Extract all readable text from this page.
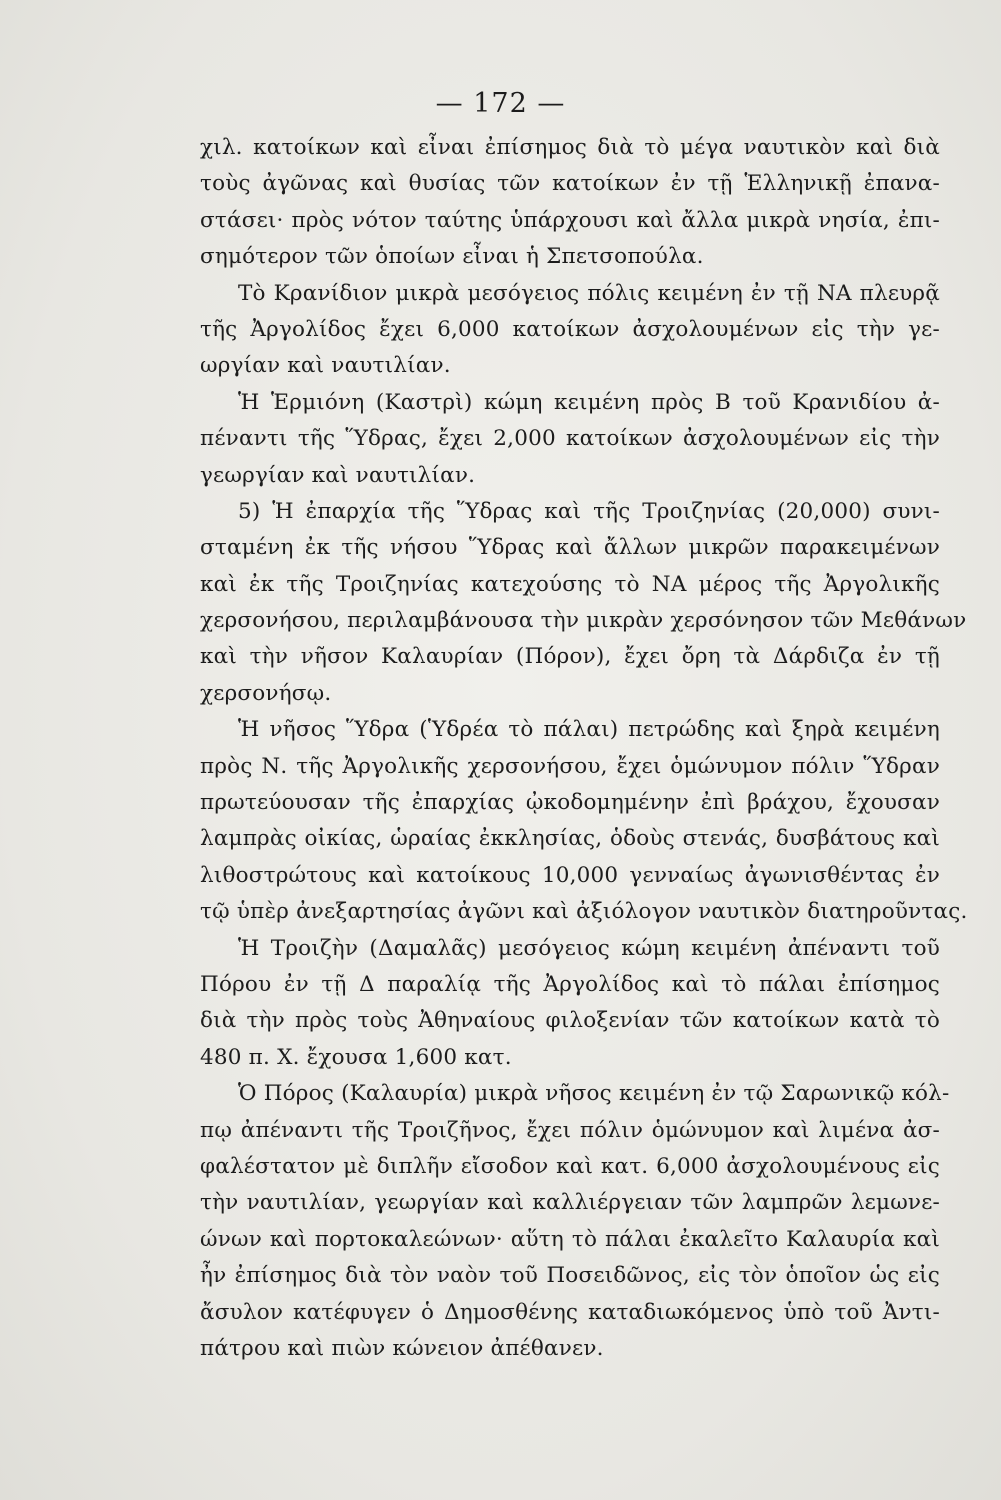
— 172 —
χιλ. κατοίκων καὶ εἶναι ἐπίσημος διὰ τὸ μέγα ναυτικὸν καὶ διὰ
τοὺς ἀγῶνας καὶ θυσίας τῶν κατοίκων ἐν τῇ Ἑλληνικῇ ἐπανα-
στάσει· πρὸς νότον ταύτης ὑπάρχουσι καὶ ἄλλα μικρὰ νησία, ἐπι-
σημότερον τῶν ὁποίων εἶναι ἡ Σπετσοπούλα.
Τὸ Κρανίδιον μικρὰ μεσόγειος πόλις κειμένη ἐν τῇ ΝΑ πλευρᾷ
τῆς Ἀργολίδος ἔχει 6,000 κατοίκων ἀσχολουμένων εἰς τὴν γε-
ωργίαν καὶ ναυτιλίαν.
Ἡ Ἑρμιόνη (Καστρὶ) κώμη κειμένη πρὸς Β τοῦ Κρανιδίου ἀ-
πέναντι τῆς Ὕδρας, ἔχει 2,000 κατοίκων ἀσχολουμένων εἰς τὴν
γεωργίαν καὶ ναυτιλίαν.
5) Ἡ ἐπαρχία τῆς Ὕδρας καὶ τῆς Τροιζηνίας (20,000) συνι-
σταμένη ἐκ τῆς νήσου Ὕδρας καὶ ἄλλων μικρῶν παρακειμένων
καὶ ἐκ τῆς Τροιζηνίας κατεχούσης τὸ ΝΑ μέρος τῆς Ἀργολικῆς
χερσονήσου, περιλαμβάνουσα τὴν μικρὰν χερσόνησον τῶν Μεθάνων
καὶ τὴν νῆσον Καλαυρίαν (Πόρον), ἔχει ὄρη τὰ Δάρδιζα ἐν τῇ
χερσονήσῳ.
Ἡ νῆσος Ὕδρα (Ὑδρέα τὸ πάλαι) πετρώδης καὶ ξηρὰ κειμένη
πρὸς Ν. τῆς Ἀργολικῆς χερσονήσου, ἔχει ὁμώνυμον πόλιν Ὕδραν
πρωτεύουσαν τῆς ἐπαρχίας ᾠκοδομημένην ἐπὶ βράχου, ἔχουσαν
λαμπρὰς οἰκίας, ὡραίας ἐκκλησίας, ὁδοὺς στενάς, δυσβάτους καὶ
λιθοστρώτους καὶ κατοίκους 10,000 γενναίως ἀγωνισθέντας ἐν
τῷ ὑπὲρ ἀνεξαρτησίας ἀγῶνι καὶ ἀξιόλογον ναυτικὸν διατηροῦντας.
Ἡ Τροιζὴν (Δαμαλᾶς) μεσόγειος κώμη κειμένη ἀπέναντι τοῦ
Πόρου ἐν τῇ Δ παραλίᾳ τῆς Ἀργολίδος καὶ τὸ πάλαι ἐπίσημος
διὰ τὴν πρὸς τοὺς Ἀθηναίους φιλοξενίαν τῶν κατοίκων κατὰ τὸ
480 π. Χ. ἔχουσα 1,600 κατ.
Ὁ Πόρος (Καλαυρία) μικρὰ νῆσος κειμένη ἐν τῷ Σαρωνικῷ κόλ-
πῳ ἀπέναντι τῆς Τροιζῆνος, ἔχει πόλιν ὁμώνυμον καὶ λιμένα ἀσ-
φαλέστατον μὲ διπλῆν εἴσοδον καὶ κατ. 6,000 ἀσχολουμένους εἰς
τὴν ναυτιλίαν, γεωργίαν καὶ καλλιέργειαν τῶν λαμπρῶν λεμωνε-
ώνων καὶ πορτοκαλεώνων· αὕτη τὸ πάλαι ἐκαλεῖτο Καλαυρία καὶ
ἦν ἐπίσημος διὰ τὸν ναὸν τοῦ Ποσειδῶνος, εἰς τὸν ὁποῖον ὡς εἰς
ἄσυλον κατέφυγεν ὁ Δημοσθένης καταδιωκόμενος ὑπὸ τοῦ Ἀντι-
πάτρου καὶ πιὼν κώνειον ἀπέθανεν.
